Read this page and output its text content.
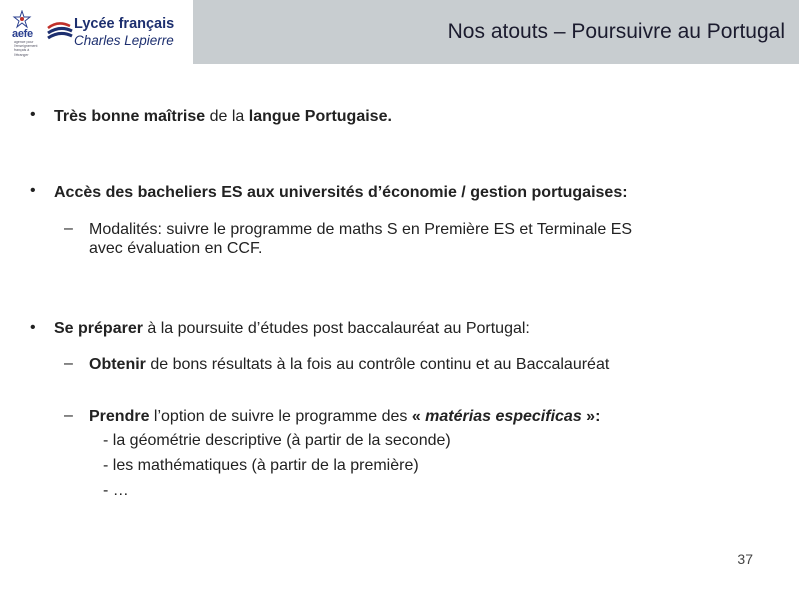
aefe
agence pour l'enseignement français à l'étranger
Lycée français
Charles Lepierre	Nos atouts – Poursuivre au Portugal
• Très bonne maîtrise de la langue Portugaise.
• Accès des bacheliers ES aux universités d’économie / gestion portugaises:
– Modalités: suivre le programme de maths S en Première ES et Terminale ES
avec évaluation en CCF.
• Se préparer à la poursuite d’études post baccalauréat au Portugal:
– Obtenir de bons résultats à la fois au contrôle continu et au Baccalauréat
– Prendre l’option de suivre le programme des « matérias especificas »:
- la géométrie descriptive (à partir de la seconde)
- les mathématiques (à partir de la première)
- …
37
